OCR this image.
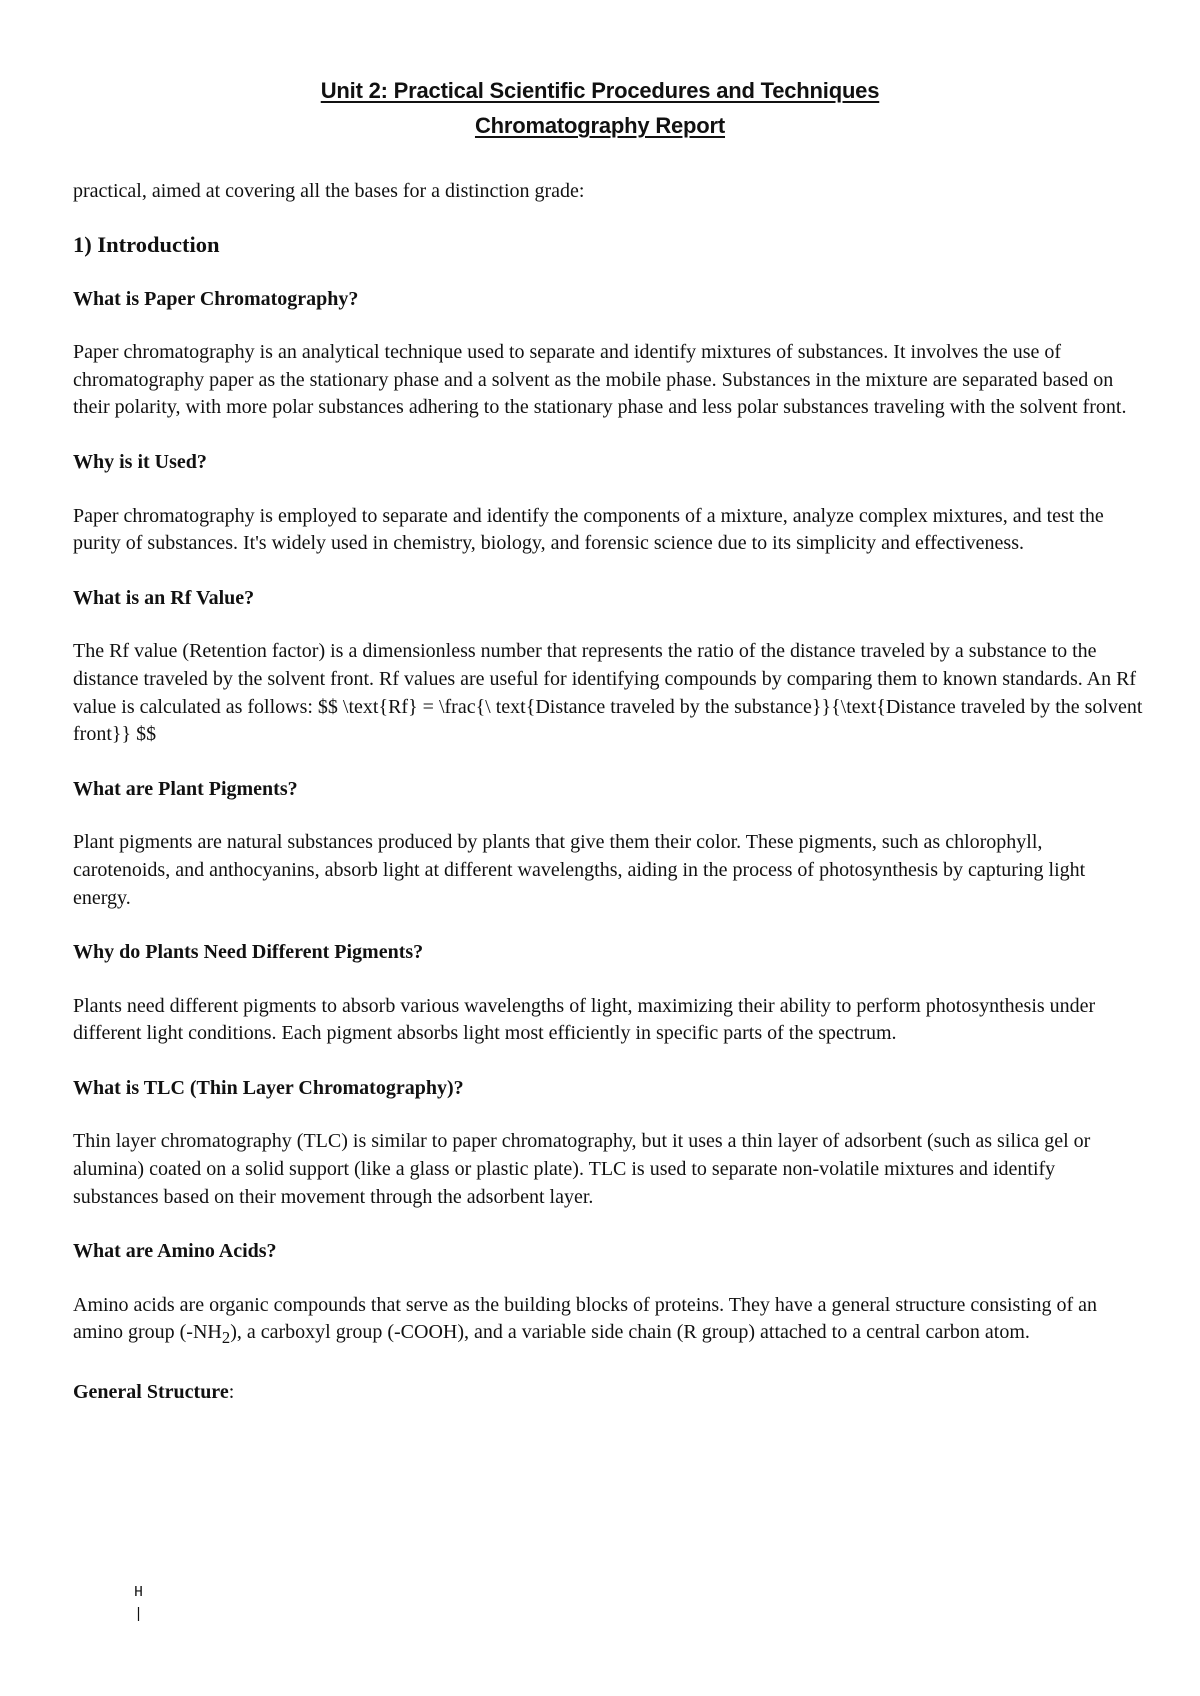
Unit 2: Practical Scientific Procedures and Techniques
Chromatography Report

practical, aimed at covering all the bases for a distinction grade:

1) Introduction

What is Paper Chromatography?

Paper chromatography is an analytical technique used to separate and identify mixtures of substances. It involves the use of chromatography paper as the stationary phase and a solvent as the mobile phase. Substances in the mixture are separated based on their polarity, with more polar substances adhering to the stationary phase and less polar substances traveling with the solvent front.

Why is it Used?

Paper chromatography is employed to separate and identify the components of a mixture, analyze complex mixtures, and test the purity of substances. It's widely used in chemistry, biology, and forensic science due to its simplicity and effectiveness.

What is an Rf Value?

The Rf value (Retention factor) is a dimensionless number that represents the ratio of the distance traveled by a substance to the distance traveled by the solvent front. Rf values are useful for identifying compounds by comparing them to known standards. An Rf value is calculated as follows: $$ \text{Rf} = \frac{\ text{Distance traveled by the substance}}{\text{Distance traveled by the solvent front}} $$

What are Plant Pigments?

Plant pigments are natural substances produced by plants that give them their color. These pigments, such as chlorophyll, carotenoids, and anthocyanins, absorb light at different wavelengths, aiding in the process of photosynthesis by capturing light energy.

Why do Plants Need Different Pigments?

Plants need different pigments to absorb various wavelengths of light, maximizing their ability to perform photosynthesis under different light conditions. Each pigment absorbs light most efficiently in specific parts of the spectrum.

What is TLC (Thin Layer Chromatography)?

Thin layer chromatography (TLC) is similar to paper chromatography, but it uses a thin layer of adsorbent (such as silica gel or alumina) coated on a solid support (like a glass or plastic plate). TLC is used to separate non-volatile mixtures and identify substances based on their movement through the adsorbent layer.

What are Amino Acids?

Amino acids are organic compounds that serve as the building blocks of proteins. They have a general structure consisting of an amino group $(-NH_2)$, a carboxyl group (-COOH), and a variable side chain (R group) attached to a central carbon atom.

General Structure:

H
|
